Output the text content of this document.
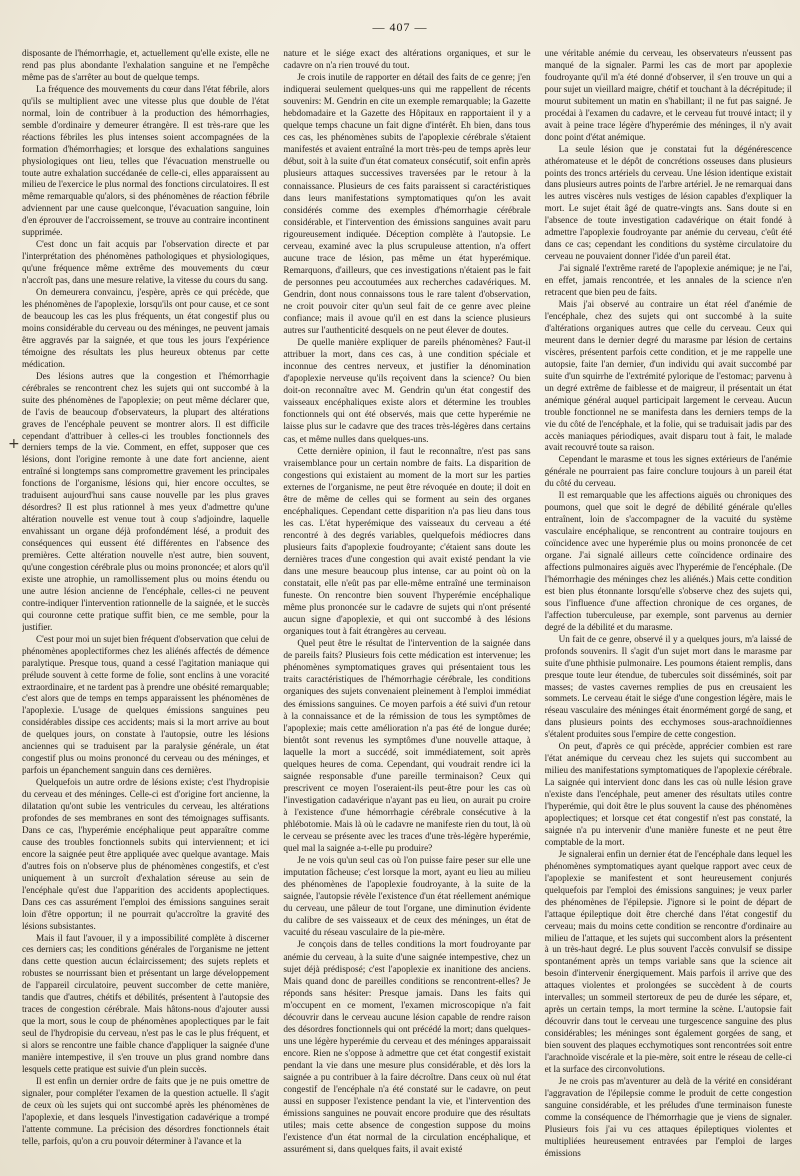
— 407 —
+

disposante de l'hémorrhagie, et, actuellement qu'elle existe, elle ne rend pas plus abondante l'exhalation sanguine et ne l'empêche même pas de s'arrêter au bout de quelque temps.

La fréquence des mouvements du cœur dans l'état fébrile, alors qu'ils se multiplient avec une vitesse plus que double de l'état normal, loin de contribuer à la production des hémorrhagies, semble d'ordinaire y demeurer étrangère. Il est très-rare que les réactions fébriles les plus intenses soient accompagnées de la formation d'hémorrhagies; et lorsque des exhalations sanguines physiologiques ont lieu, telles que l'évacuation menstruelle ou toute autre exhalation succédanée de celle-ci, elles apparaissent au milieu de l'exercice le plus normal des fonctions circulatoires. Il est même remarquable qu'alors, si des phénomènes de réaction fébrile adviennent par une cause quelconque, l'évacuation sanguine, loin d'en éprouver de l'accroissement, se trouve au contraire incontinent supprimée.

C'est donc un fait acquis par l'observation directe et par l'interprétation des phénomènes pathologiques et physiologiques, qu'une fréquence même extrême des mouvements du cœur n'accroît pas, dans une mesure relative, la vitesse du cours du sang.

On demeurera convaincu, j'espère, après ce qui précède, que les phénomènes de l'apoplexie, lorsqu'ils ont pour cause, et ce sont de beaucoup les cas les plus fréquents, un état congestif plus ou moins considérable du cerveau ou des méninges, ne peuvent jamais être aggravés par la saignée, et que tous les jours l'expérience témoigne des résultats les plus heureux obtenus par cette médication.

Des lésions autres que la congestion et l'hémorrhagie cérébrales se rencontrent chez les sujets qui ont succombé à la suite des phénomènes de l'apoplexie; on peut même déclarer que, de l'avis de beaucoup d'observateurs, la plupart des altérations graves de l'encéphale peuvent se montrer alors. Il est difficile cependant d'attribuer à celles-ci les troubles fonctionnels des derniers temps de la vie. Comment, en effet, supposer que ces lésions, dont l'origine remonte à une date fort ancienne, aient entraîné si longtemps sans compromettre gravement les principales fonctions de l'organisme, lésions qui, hier encore occultes, se traduisent aujourd'hui sans cause nouvelle par les plus graves désordres? Il est plus rationnel à mes yeux d'admettre qu'une altération nouvelle est venue tout à coup s'adjoindre, laquelle envahissant un organe déjà profondément lésé, a produit des conséquences qui eussent été différentes en l'absence des premières. Cette altération nouvelle n'est autre, bien souvent, qu'une congestion cérébrale plus ou moins prononcée; et alors qu'il existe une atrophie, un ramollissement plus ou moins étendu ou une autre lésion ancienne de l'encéphale, celles-ci ne peuvent contre-indiquer l'intervention rationnelle de la saignée, et le succès qui couronne cette pratique suffit bien, ce me semble, pour la justifier.

C'est pour moi un sujet bien fréquent d'observation que celui de phénomènes apoplectiformes chez les aliénés affectés de démence paralytique. Presque tous, quand a cessé l'agitation maniaque qui prélude souvent à cette forme de folie, sont enclins à une voracité extraordinaire, et ne tardent pas à prendre une obésité remarquable; c'est alors que de temps en temps apparaissent les phénomènes de l'apoplexie. L'usage de quelques émissions sanguines peu considérables dissipe ces accidents; mais si la mort arrive au bout de quelques jours, on constate à l'autopsie, outre les lésions anciennes qui se traduisent par la paralysie générale, un état congestif plus ou moins prononcé du cerveau ou des méninges, et parfois un épanchement sanguin dans ces dernières.

Quelquefois un autre ordre de lésions existe; c'est l'hydropisie du cerveau et des méninges. Celle-ci est d'origine fort ancienne, la dilatation qu'ont subie les ventricules du cerveau, les altérations profondes de ses membranes en sont des témoignages suffisants. Dans ce cas, l'hyperémie encéphalique peut apparaître comme cause des troubles fonctionnels subits qui interviennent; et ici encore la saignée peut être appliquée avec quelque avantage. Mais d'autres fois on n'observe plus de phénomènes congestifs, et c'est uniquement à un surcroît d'exhalation séreuse au sein de l'encéphale qu'est due l'apparition des accidents apoplectiques. Dans ces cas assurément l'emploi des émissions sanguines serait loin d'être opportun; il ne pourrait qu'accroître la gravité des lésions subsistantes.

Mais il faut l'avouer, il y a impossibilité complète à discerner ces derniers cas; les conditions générales de l'organisme ne jettent dans cette question aucun éclaircissement; des sujets replets et robustes se nourrissant bien et présentant un large développement de l'appareil circulatoire, peuvent succomber de cette manière, tandis que d'autres, chétifs et débilités, présentent à l'autopsie des traces de congestion cérébrale. Mais hâtons-nous d'ajouter aussi que la mort, sous le coup de phénomènes apoplectiques par le fait seul de l'hydropisie du cerveau, n'est pas le cas le plus fréquent, et si alors se rencontre une faible chance d'appliquer la saignée d'une manière intempestive, il s'en trouve un plus grand nombre dans lesquels cette pratique est suivie d'un plein succès.

Il est enfin un dernier ordre de faits que je ne puis omettre de signaler, pour compléter l'examen de la question actuelle. Il s'agit de ceux où les sujets qui ont succombé après les phénomènes de l'apoplexie, et dans lesquels l'investigation cadavérique a trompé l'attente commune. La précision des désordres fonctionnels était telle, parfois, qu'on a cru pouvoir déterminer à l'avance et la

nature et le siége exact des altérations organiques, et sur le cadavre on n'a rien trouvé du tout.

Je crois inutile de rapporter en détail des faits de ce genre; j'en indiquerai seulement quelques-uns qui me rappellent de récents souvenirs: M. Gendrin en cite un exemple remarquable; la Gazette hebdomadaire et la Gazette des Hôpitaux en rapportaient il y a quelque temps chacune un fait digne d'intérêt. Eh bien, dans tous ces cas, les phénomènes subits de l'apoplexie cérébrale s'étaient manifestés et avaient entraîné la mort très-peu de temps après leur début, soit à la suite d'un état comateux consécutif, soit enfin après plusieurs attaques successives traversées par le retour à la connaissance. Plusieurs de ces faits paraissent si caractéristiques dans leurs manifestations symptomatiques qu'on les avait considérés comme des exemples d'hémorrhagie cérébrale considérable, et l'intervention des émissions sanguines avait paru rigoureusement indiquée. Déception complète à l'autopsie. Le cerveau, examiné avec la plus scrupuleuse attention, n'a offert aucune trace de lésion, pas même un état hyperémique. Remarquons, d'ailleurs, que ces investigations n'étaient pas le fait de personnes peu accoutumées aux recherches cadavériques. M. Gendrin, dont nous connaissons tous le rare talent d'observation, ne croit pouvoir citer qu'un seul fait de ce genre avec pleine confiance; mais il avoue qu'il en est dans la science plusieurs autres sur l'authenticité desquels on ne peut élever de doutes.

De quelle manière expliquer de pareils phénomènes? Faut-il attribuer la mort, dans ces cas, à une condition spéciale et inconnue des centres nerveux, et justifier la dénomination d'apoplexie nerveuse qu'ils reçoivent dans la science? Ou bien doit-on reconnaître avec M. Gendrin qu'un état congestif des vaisseaux encéphaliques existe alors et détermine les troubles fonctionnels qui ont été observés, mais que cette hyperémie ne laisse plus sur le cadavre que des traces très-légères dans certains cas, et même nulles dans quelques-uns.

Cette dernière opinion, il faut le reconnaître, n'est pas sans vraisemblance pour un certain nombre de faits. La disparition de congestions qui existaient au moment de la mort sur les parties externes de l'organisme, ne peut être révoquée en doute; il doit en être de même de celles qui se forment au sein des organes encéphaliques. Cependant cette disparition n'a pas lieu dans tous les cas. L'état hyperémique des vaisseaux du cerveau a été rencontré à des degrés variables, quelquefois médiocres dans plusieurs faits d'apoplexie foudroyante; c'étaient sans doute les dernières traces d'une congestion qui avait existé pendant la vie dans une mesure beaucoup plus intense, car au point où on la constatait, elle n'eût pas par elle-même entraîné une terminaison funeste. On rencontre bien souvent l'hyperémie encéphalique même plus prononcée sur le cadavre de sujets qui n'ont présenté aucun signe d'apoplexie, et qui ont succombé à des lésions organiques tout à fait étrangères au cerveau.

Quel peut être le résultat de l'intervention de la saignée dans de pareils faits? Plusieurs fois cette médication est intervenue; les phénomènes symptomatiques graves qui présentaient tous les traits caractéristiques de l'hémorrhagie cérébrale, les conditions organiques des sujets convenaient pleinement à l'emploi immédiat des émissions sanguines. Ce moyen parfois a été suivi d'un retour à la connaissance et de la rémission de tous les symptômes de l'apoplexie; mais cette amélioration n'a pas été de longue durée; bientôt sont revenus les symptômes d'une nouvelle attaque, à laquelle la mort a succédé, soit immédiatement, soit après quelques heures de coma. Cependant, qui voudrait rendre ici la saignée responsable d'une pareille terminaison? Ceux qui prescrivent ce moyen l'oseraient-ils peut-être pour les cas où l'investigation cadavérique n'ayant pas eu lieu, on aurait pu croire à l'existence d'une hémorrhagie cérébrale consécutive à la phlébotomie. Mais là où le cadavre ne manifeste rien du tout, là où le cerveau se présente avec les traces d'une très-légère hyperémie, quel mal la saignée a-t-elle pu produire?

Je ne vois qu'un seul cas où l'on puisse faire peser sur elle une imputation fâcheuse; c'est lorsque la mort, ayant eu lieu au milieu des phénomènes de l'apoplexie foudroyante, à la suite de la saignée, l'autopsie révèle l'existence d'un état réellement anémique du cerveau, une pâleur de tout l'organe, une diminution évidente du calibre de ses vaisseaux et de ceux des méninges, un état de vacuité du réseau vasculaire de la pie-mère.

Je conçois dans de telles conditions la mort foudroyante par anémie du cerveau, à la suite d'une saignée intempestive, chez un sujet déjà prédisposé; c'est l'apoplexie ex inanitione des anciens. Mais quand donc de pareilles conditions se rencontrent-elles? Je réponds sans hésiter: Presque jamais. Dans les faits qui m'occupent en ce moment, l'examen microscopique n'a fait découvrir dans le cerveau aucune lésion capable de rendre raison des désordres fonctionnels qui ont précédé la mort; dans quelques-uns une légère hyperémie du cerveau et des méninges apparaissait encore. Rien ne s'oppose à admettre que cet état congestif existait pendant la vie dans une mesure plus considérable, et dès lors la saignée a pu contribuer à la faire décroître. Dans ceux où nul état congestif de l'encéphale n'a été constaté sur le cadavre, on peut aussi en supposer l'existence pendant la vie, et l'intervention des émissions sanguines ne pouvait encore produire que des résultats utiles; mais cette absence de congestion suppose du moins l'existence d'un état normal de la circulation encéphalique, et assurément si, dans quelques faits, il avait existé

une véritable anémie du cerveau, les observateurs n'eussent pas manqué de la signaler. Parmi les cas de mort par apoplexie foudroyante qu'il m'a été donné d'observer, il s'en trouve un qui a pour sujet un vieillard maigre, chétif et touchant à la décrépitude; il mourut subitement un matin en s'habillant; il ne fut pas saigné. Je procédai à l'examen du cadavre, et le cerveau fut trouvé intact; il y avait à peine trace légère d'hyperémie des méninges, il n'y avait donc point d'état anémique.

La seule lésion que je constatai fut la dégénérescence athéromateuse et le dépôt de concrétions osseuses dans plusieurs points des troncs artériels du cerveau. Une lésion identique existait dans plusieurs autres points de l'arbre artériel. Je ne remarquai dans les autres viscères nuls vestiges de lésion capables d'expliquer la mort. Le sujet était âgé de quatre-vingts ans. Sans doute si en l'absence de toute investigation cadavérique on était fondé à admettre l'apoplexie foudroyante par anémie du cerveau, c'eût été dans ce cas; cependant les conditions du système circulatoire du cerveau ne pouvaient donner l'idée d'un pareil état.

J'ai signalé l'extrême rareté de l'apoplexie anémique; je ne l'ai, en effet, jamais rencontrée, et les annales de la science n'en retracent que bien peu de faits.

Mais j'ai observé au contraire un état réel d'anémie de l'encéphale, chez des sujets qui ont succombé à la suite d'altérations organiques autres que celle du cerveau. Ceux qui meurent dans le dernier degré du marasme par lésion de certains viscères, présentent parfois cette condition, et je me rappelle une autopsie, faite l'an dernier, d'un individu qui avait succombé par suite d'un squirrhe de l'extrémité pylorique de l'estomac; parvenu à un degré extrême de faiblesse et de maigreur, il présentait un état anémique général auquel participait largement le cerveau. Aucun trouble fonctionnel ne se manifesta dans les derniers temps de la vie du côté de l'encéphale, et la folie, qui se traduisait jadis par des accès maniaques périodiques, avait disparu tout à fait, le malade avait recouvré toute sa raison.

Cependant le marasme et tous les signes extérieurs de l'anémie générale ne pourraient pas faire conclure toujours à un pareil état du côté du cerveau.

Il est remarquable que les affections aiguës ou chroniques des poumons, quel que soit le degré de débilité générale qu'elles entraînent, loin de s'accompagner de la vacuité du système vasculaire encéphalique, se rencontrent au contraire toujours en coïncidence avec une hyperémie plus ou moins prononcée de cet organe. J'ai signalé ailleurs cette coïncidence ordinaire des affections pulmonaires aiguës avec l'hyperémie de l'encéphale. (De l'hémorrhagie des méninges chez les aliénés.) Mais cette condition est bien plus étonnante lorsqu'elle s'observe chez des sujets qui, sous l'influence d'une affection chronique de ces organes, de l'affection tuberculeuse, par exemple, sont parvenus au dernier degré de la débilité et du marasme.

Un fait de ce genre, observé il y a quelques jours, m'a laissé de profonds souvenirs. Il s'agit d'un sujet mort dans le marasme par suite d'une phthisie pulmonaire. Les poumons étaient remplis, dans presque toute leur étendue, de tubercules soit disséminés, soit par masses; de vastes cavernes remplies de pus en creusaient les sommets. Le cerveau était le siége d'une congestion légère, mais le réseau vasculaire des méninges était énormément gorgé de sang, et dans plusieurs points des ecchymoses sous-arachnoïdiennes s'étalent produites sous l'empire de cette congestion.

On peut, d'après ce qui précède, apprécier combien est rare l'état anémique du cerveau chez les sujets qui succombent au milieu des manifestations symptomatiques de l'apoplexie cérébrale. La saignée qui intervient donc dans les cas où nulle lésion grave n'existe dans l'encéphale, peut amener des résultats utiles contre l'hyperémie, qui doit être le plus souvent la cause des phénomènes apoplectiques; et lorsque cet état congestif n'est pas constaté, la saignée n'a pu intervenir d'une manière funeste et ne peut être comptable de la mort.

Je signalerai enfin un dernier état de l'encéphale dans lequel les phénomènes symptomatiques ayant quelque rapport avec ceux de l'apoplexie se manifestent et sont heureusement conjurés quelquefois par l'emploi des émissions sanguines; je veux parler des phénomènes de l'épilepsie. J'ignore si le point de départ de l'attaque épileptique doit être cherché dans l'état congestif du cerveau; mais du moins cette condition se rencontre d'ordinaire au milieu de l'attaque, et les sujets qui succombent alors la présentent à un très-haut degré. Le plus souvent l'accès convulsif se dissipe spontanément après un temps variable sans que la science ait besoin d'intervenir énergiquement. Mais parfois il arrive que des attaques violentes et prolongées se succèdent à de courts intervalles; un sommeil stertoreux de peu de durée les sépare, et, après un certain temps, la mort termine la scène. L'autopsie fait découvrir dans tout le cerveau une turgescence sanguine des plus considérables; les méninges sont également gorgées de sang, et bien souvent des plaques ecchymotiques sont rencontrées soit entre l'arachnoïde viscérale et la pie-mère, soit entre le réseau de celle-ci et la surface des circonvolutions.

Je ne crois pas m'aventurer au delà de la vérité en considérant l'aggravation de l'épilepsie comme le produit de cette congestion sanguine considérable, et les préludes d'une terminaison funeste comme la conséquence de l'hémorrhagie que je viens de signaler. Plusieurs fois j'ai vu ces attaques épileptiques violentes et multipliées heureusement entravées par l'emploi de larges émissions
